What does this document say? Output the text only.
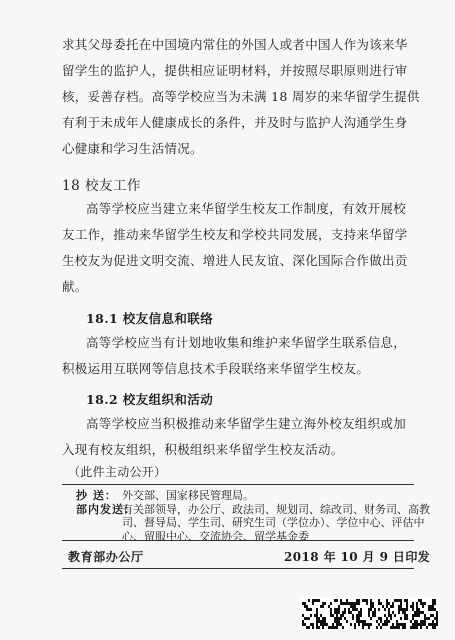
求其父母委托在中国境内常住的外国人或者中国人作为该来华
留学生的监护人，提供相应证明材料，并按照尽职原则进行审
核，妥善存档。高等学校应当为未满 18 周岁的来华留学生提供
有利于未成年人健康成长的条件，并及时与监护人沟通学生身
心健康和学习生活情况。
18 校友工作
高等学校应当建立来华留学生校友工作制度，有效开展校
友工作，推动来华留学生校友和学校共同发展，支持来华留学
生校友为促进文明交流、增进人民友谊、深化国际合作做出贡
献。
18.1 校友信息和联络
高等学校应当有计划地收集和维护来华留学生联系信息，
积极运用互联网等信息技术手段联络来华留学生校友。
18.2 校友组织和活动
高等学校应当积极推动来华留学生建立海外校友组织或加
入现有校友组织，积极组织来华留学生校友活动。
（此件主动公开）
抄 送： 外交部、国家移民管理局。
部内发送：有关部领导，办公厅、政法司、规划司、综改司、财务司、高教
司、督导局、学生司、研究生司（学位办）、学位中心、评估中
心、留服中心、交流协会、留学基金委
教育部办公厅	2018 年 10 月 9 日印发
